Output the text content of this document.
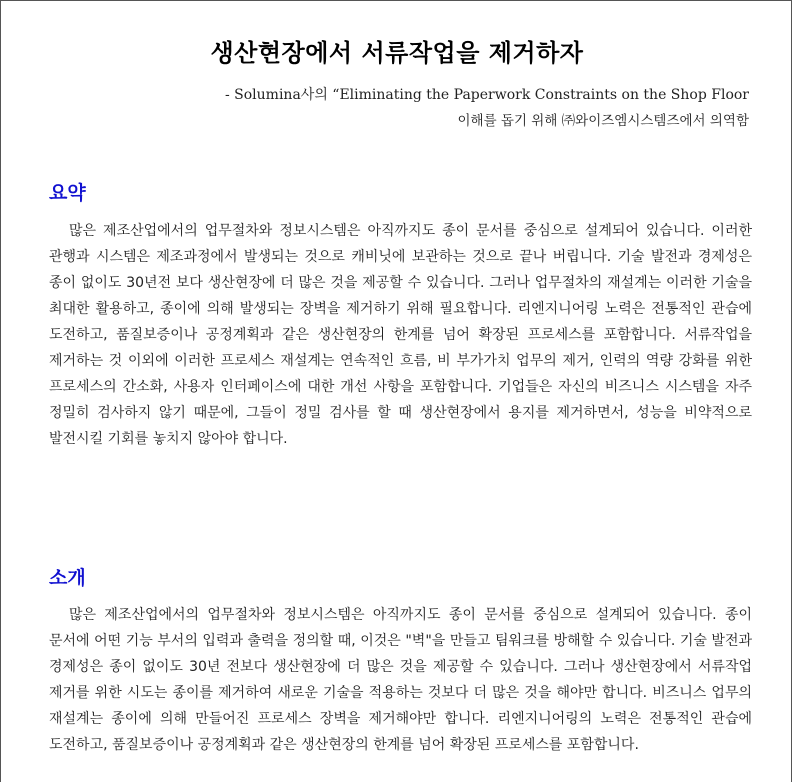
생산현장에서 서류작업을 제거하자
- Solumina사의 “Eliminating the Paperwork Constraints on the Shop Floor
이해를 돕기 위해 ㈜와이즈엠시스템즈에서 의역함
요약

많은 제조산업에서의 업무절차와 정보시스템은 아직까지도 종이 문서를 중심으로 설계되어 있습니다. 이러한 관행과 시스템은 제조과정에서 발생되는 것으로 캐비닛에 보관하는 것으로 끝나 버립니다. 기술 발전과 경제성은 종이 없이도 30년전 보다 생산현장에 더 많은 것을 제공할 수 있습니다. 그러나 업무절차의 재설계는 이러한 기술을 최대한 활용하고, 종이에 의해 발생되는 장벽을 제거하기 위해 필요합니다. 리엔지니어링 노력은 전통적인 관습에 도전하고, 품질보증이나 공정계획과 같은 생산현장의 한계를 넘어 확장된 프로세스를 포함합니다. 서류작업을 제거하는 것 이외에 이러한 프로세스 재설계는 연속적인 흐름, 비 부가가치 업무의 제거, 인력의 역량 강화를 위한 프로세스의 간소화, 사용자 인터페이스에 대한 개선 사항을 포함합니다. 기업들은 자신의 비즈니스 시스템을 자주 정밀히 검사하지 않기 때문에, 그들이 정밀 검사를 할 때 생산현장에서 용지를 제거하면서, 성능을 비약적으로 발전시킬 기회를 놓치지 않아야 합니다.

소개

많은 제조산업에서의 업무절차와 정보시스템은 아직까지도 종이 문서를 중심으로 설계되어 있습니다. 종이 문서에 어떤 기능 부서의 입력과 출력을 정의할 때, 이것은 "벽"을 만들고 팀워크를 방해할 수 있습니다. 기술 발전과 경제성은 종이 없이도 30년 전보다 생산현장에 더 많은 것을 제공할 수 있습니다. 그러나 생산현장에서 서류작업 제거를 위한 시도는 종이를 제거하여 새로운 기술을 적용하는 것보다 더 많은 것을 해야만 합니다. 비즈니스 업무의 재설계는 종이에 의해 만들어진 프로세스 장벽을 제거해야만 합니다. 리엔지니어링의 노력은 전통적인 관습에 도전하고, 품질보증이나 공정계획과 같은 생산현장의 한계를 넘어 확장된 프로세스를 포함합니다.
